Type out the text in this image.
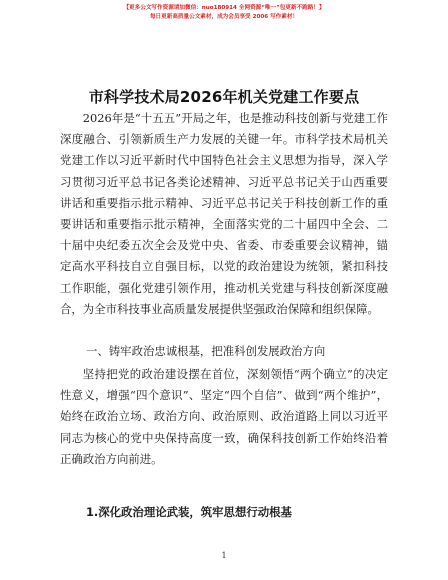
【更多公文写作资源请加微信：nuo180914 全网资源“唯一”包更新不跑路！】
每日更新高质量公文素材，成为会员享受 2006 写作素材！
市科学技术局2026年机关党建工作要点
2026年是“十五五”开局之年，也是推动科技创新与党建工作深度融合、引领新质生产力发展的关键一年。市科学技术局机关党建工作以习近平新时代中国特色社会主义思想为指导，深入学习贯彻习近平总书记各类论述精神、习近平总书记关于山西重要讲话和重要指示批示精神、习近平总书记关于科技创新工作的重要讲话和重要指示批示精神，全面落实党的二十届四中全会、二十届中央纪委五次全会及党中央、省委、市委重要会议精神，锚定高水平科技自立自强目标，以党的政治建设为统领，紧扣科技工作职能，强化党建引领作用，推动机关党建与科技创新深度融合，为全市科技事业高质量发展提供坚强政治保障和组织保障。
一、铸牢政治忠诚根基，把准科创发展政治方向
坚持把党的政治建设摆在首位，深刻领悟“两个确立”的决定性意义，增强“四个意识”、坚定“四个自信”、做到“两个维护”，始终在政治立场、政治方向、政治原则、政治道路上同以习近平同志为核心的党中央保持高度一致，确保科技创新工作始终沿着正确政治方向前进。
1.深化政治理论武装，筑牢思想行动根基
1
